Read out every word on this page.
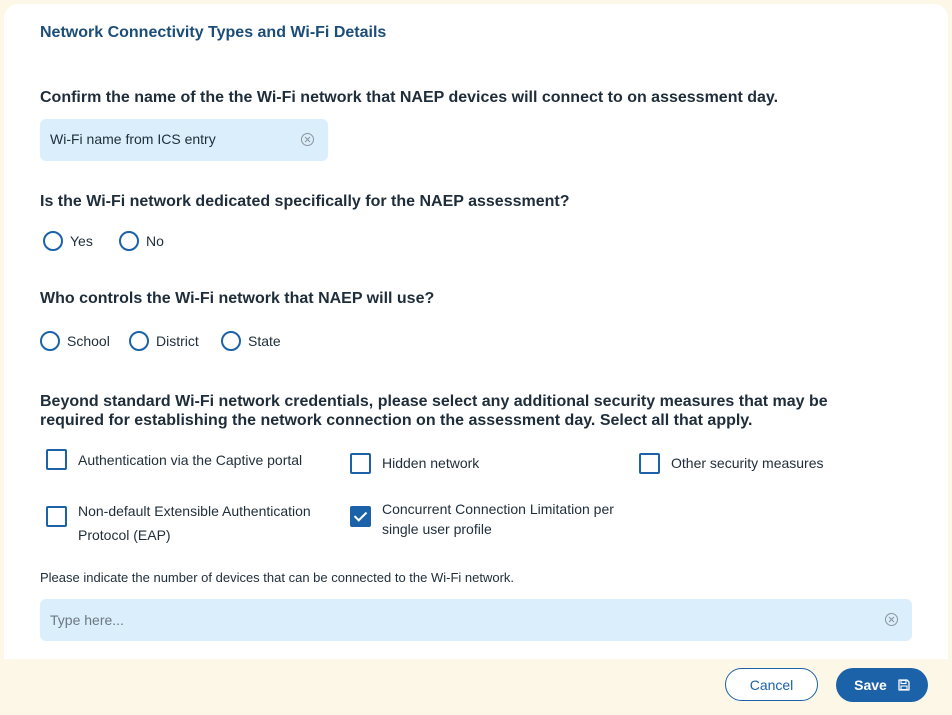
Network Connectivity Types and Wi-Fi Details
Confirm the name of the the Wi-Fi network that NAEP devices will connect to on assessment day.
Wi-Fi name from ICS entry
Is the Wi-Fi network dedicated specifically for the NAEP assessment?
Yes	No
Who controls the Wi-Fi network that NAEP will use?
School	District	State
Beyond standard Wi-Fi network credentials, please select any additional security measures that may be required for establishing the network connection on the assessment day. Select all that apply.
Authentication via the Captive portal	Hidden network	Other security measures
Non-default Extensible Authentication Protocol (EAP)
Concurrent Connection Limitation per single user profile
Please indicate the number of devices that can be connected to the Wi-Fi network.
Type here...
Cancel	Save
